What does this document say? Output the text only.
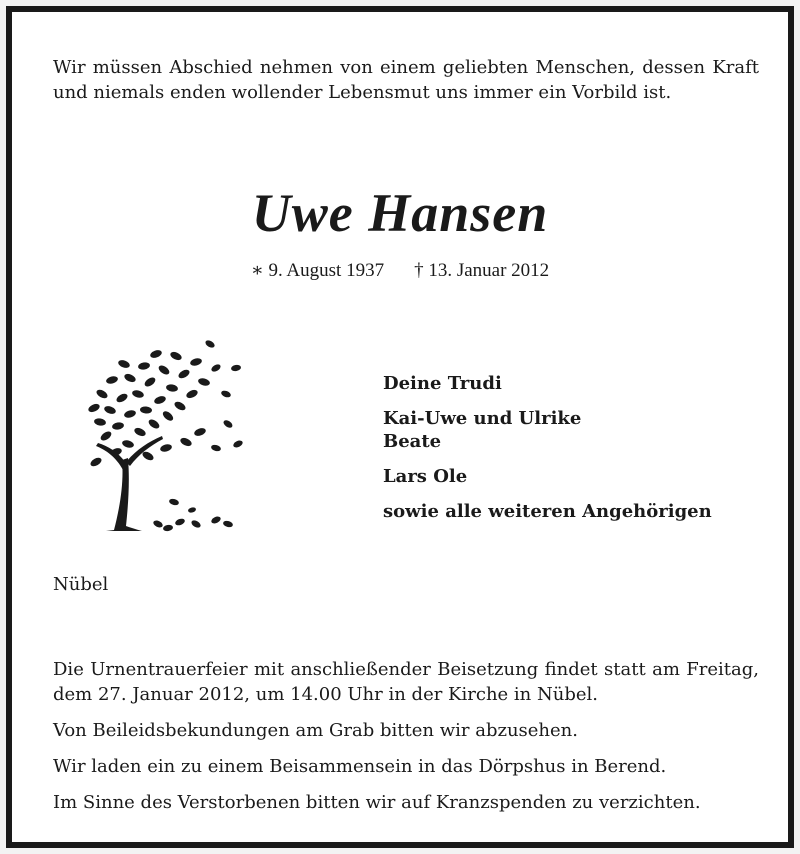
Wir müssen Abschied nehmen von einem geliebten Menschen, dessen Kraft und niemals enden wollender Lebensmut uns immer ein Vorbild ist.

Uwe Hansen
∗ 9. August 1937 † 13. Januar 2012
Deine Trudi
Kai-Uwe und Ulrike
Beate
Lars Ole
sowie alle weiteren Angehörigen

Nübel

Die Urnentrauerfeier mit anschließender Beisetzung findet statt am Freitag, dem 27. Januar 2012, um 14.00 Uhr in der Kirche in Nübel.

Von Beileidsbekundungen am Grab bitten wir abzusehen.

Wir laden ein zu einem Beisammensein in das Dörpshus in Berend.

Im Sinne des Verstorbenen bitten wir auf Kranzspenden zu verzichten.
